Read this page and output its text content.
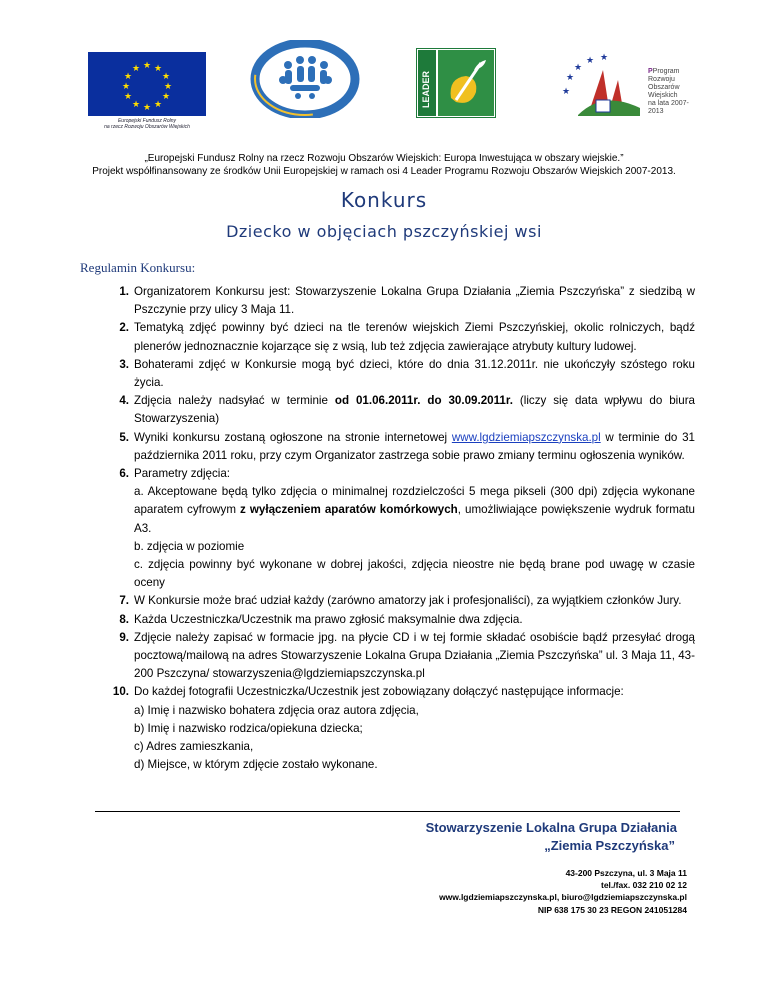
★ ★
★
★
★
★
★
★
★
★
★
★
Europejski Fundusz Rolny
na rzecz Rozwoju Obszarów Wiejskich
LEADER	★
★
★ ★
★
PProgram
Rozwoju
Obszarów
Wiejskich
na lata 2007-2013
„Europejski Fundusz Rolny na rzecz Rozwoju Obszarów Wiejskich: Europa Inwestująca w obszary wiejskie.”
Projekt współfinansowany ze środków Unii Europejskiej w ramach osi 4 Leader Programu Rozwoju Obszarów Wiejskich 2007-2013.
Konkurs
Dziecko w objęciach pszczyńskiej wsi
Regulamin Konkursu:
1. Organizatorem Konkursu jest: Stowarzyszenie Lokalna Grupa Działania „Ziemia Pszczyńska” z siedzibą w Pszczynie przy ulicy 3 Maja 11.

2. Tematyką zdjęć powinny być dzieci na tle terenów wiejskich Ziemi Pszczyńskiej, okolic rolniczych, bądź plenerów jednoznacznie kojarzące się z wsią, lub też zdjęcia zawierające atrybuty kultury ludowej.

3. Bohaterami zdjęć w Konkursie mogą być dzieci, które do dnia 31.12.2011r. nie ukończyły szóstego roku życia.

4. Zdjęcia należy nadsyłać w terminie od 01.06.2011r. do 30.09.2011r. (liczy się data wpływu do biura Stowarzyszenia)

5. Wyniki konkursu zostaną ogłoszone na stronie internetowej www.lgdziemiapszczynska.pl w terminie do 31 października 2011 roku, przy czym Organizator zastrzega sobie prawo zmiany terminu ogłoszenia wyników.

6. Parametry zdjęcia:

a. Akceptowane będą tylko zdjęcia o minimalnej rozdzielczości 5 mega pikseli (300 dpi) zdjęcia wykonane aparatem cyfrowym z wyłączeniem aparatów komórkowych, umożliwiające powiększenie wydruk formatu A3.

b. zdjęcia w poziomie

c. zdjęcia powinny być wykonane w dobrej jakości, zdjęcia nieostre nie będą brane pod uwagę w czasie oceny

7. W Konkursie może brać udział każdy (zarówno amatorzy jak i profesjonaliści), za wyjątkiem członków Jury.

8. Każda Uczestniczka/Uczestnik ma prawo zgłosić maksymalnie dwa zdjęcia.

9. Zdjęcie należy zapisać w formacie jpg. na płycie CD i w tej formie składać osobiście bądź przesyłać drogą pocztową/mailową na adres Stowarzyszenie Lokalna Grupa Działania „Ziemia Pszczyńska” ul. 3 Maja 11, 43- 200 Pszczyna/ stowarzyszenia@lgdziemiapszczynska.pl

10. Do każdej fotografii Uczestniczka/Uczestnik jest zobowiązany dołączyć następujące informacje:

a) Imię i nazwisko bohatera zdjęcia oraz autora zdjęcia,

b) Imię i nazwisko rodzica/opiekuna dziecka;

c) Adres zamieszkania,

d) Miejsce, w którym zdjęcie zostało wykonane.

Stowarzyszenie Lokalna Grupa Działania
„Ziemia Pszczyńska”
43-200 Pszczyna, ul. 3 Maja 11
tel./fax. 032 210 02 12
www.lgdziemiapszczynska.pl, biuro@lgdziemiapszczynska.pl
NIP 638 175 30 23 REGON 241051284
